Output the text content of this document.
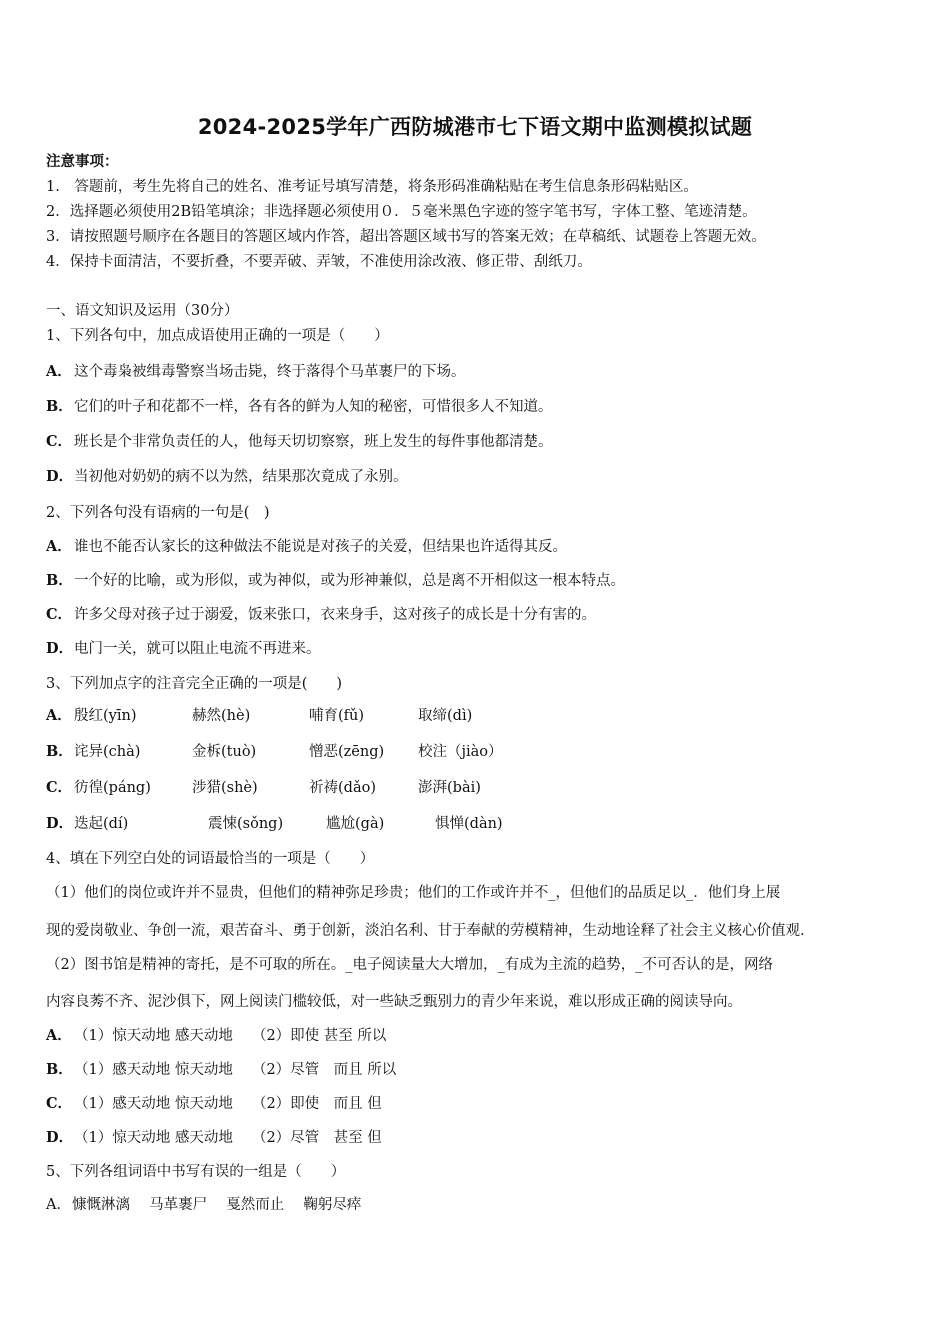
2024-2025学年广西防城港市七下语文期中监测模拟试题
注意事项：
1.　答题前，考生先将自己的姓名、准考证号填写清楚，将条形码准确粘贴在考生信息条形码粘贴区。
2．选择题必须使用2B铅笔填涂；非选择题必须使用０．５毫米黑色字迹的签字笔书写，字体工整、笔迹清楚。
3．请按照题号顺序在各题目的答题区域内作答，超出答题区域书写的答案无效；在草稿纸、试题卷上答题无效。
4．保持卡面清洁，不要折叠，不要弄破、弄皱，不准使用涂改液、修正带、刮纸刀。
一、语文知识及运用（30分）
1、下列各句中，加点成语使用正确的一项是（　　）
A． 这个毒枭被缉毒警察当场击毙，终于落得个马革裹尸的下场。
B．它们的叶子和花都不一样，各有各的鲜为人知的秘密，可惜很多人不知道。
C． 班长是个非常负责任的人，他每天切切察察，班上发生的每件事他都清楚。
D．当初他对奶奶的病不以为然，结果那次竟成了永别。
2、下列各句没有语病的一句是(　)
A． 谁也不能否认家长的这种做法不能说是对孩子的关爱，但结果也许适得其反。
B．一个好的比喻，或为形似，或为神似，或为形神兼似，总是离不开相似这一根本特点。
C． 许多父母对孩子过于溺爱，饭来张口，衣来身手，这对孩子的成长是十分有害的。
D．电门一关，就可以阻止电流不再进来。
3、下列加点字的注音完全正确的一项是(　　)
A． 殷红(yīn)	赫然(hè)	哺育(fǔ)	取缔(dì)
B． 诧异(chà)	金柝(tuò)	憎恶(zēng) 校注（jiào）
C． 彷徨(páng)	涉猎(shè)	祈祷(dǎo)	澎湃(bài)
D． 迭起(dí)	震悚(sǒng)	尴尬(gà)	惧惮(dàn)
4、填在下列空白处的词语最恰当的一项是（　　）
（1）他们的岗位或许并不显贵，但他们的精神弥足珍贵；他们的工作或许并不_，但他们的品质足以_．他们身上展
现的爱岗敬业、争创一流，艰苦奋斗、勇于创新，淡泊名利、甘于奉献的劳模精神，生动地诠释了社会主义核心价值观．
（2）图书馆是精神的寄托，是不可取的所在。_电子阅读量大大增加，_有成为主流的趋势，_不可否认的是，网络
内容良莠不齐、泥沙俱下，网上阅读门槛较低，对一些缺乏甄别力的青少年来说，难以形成正确的阅读导向。
A． （1）惊天动地 感天动地　 （2）即使 甚至 所以
B．（1）感天动地 惊天动地　 （2）尽管　而且 所以
C． （1）感天动地 惊天动地　 （2）即使　而且 但
D．（1）惊天动地 感天动地　 （2）尽管　甚至 但
5、下列各组词语中书写有误的一组是（　　）
A．慷慨淋漓　 马革裹尸　 戛然而止　 鞠躬尽瘁
